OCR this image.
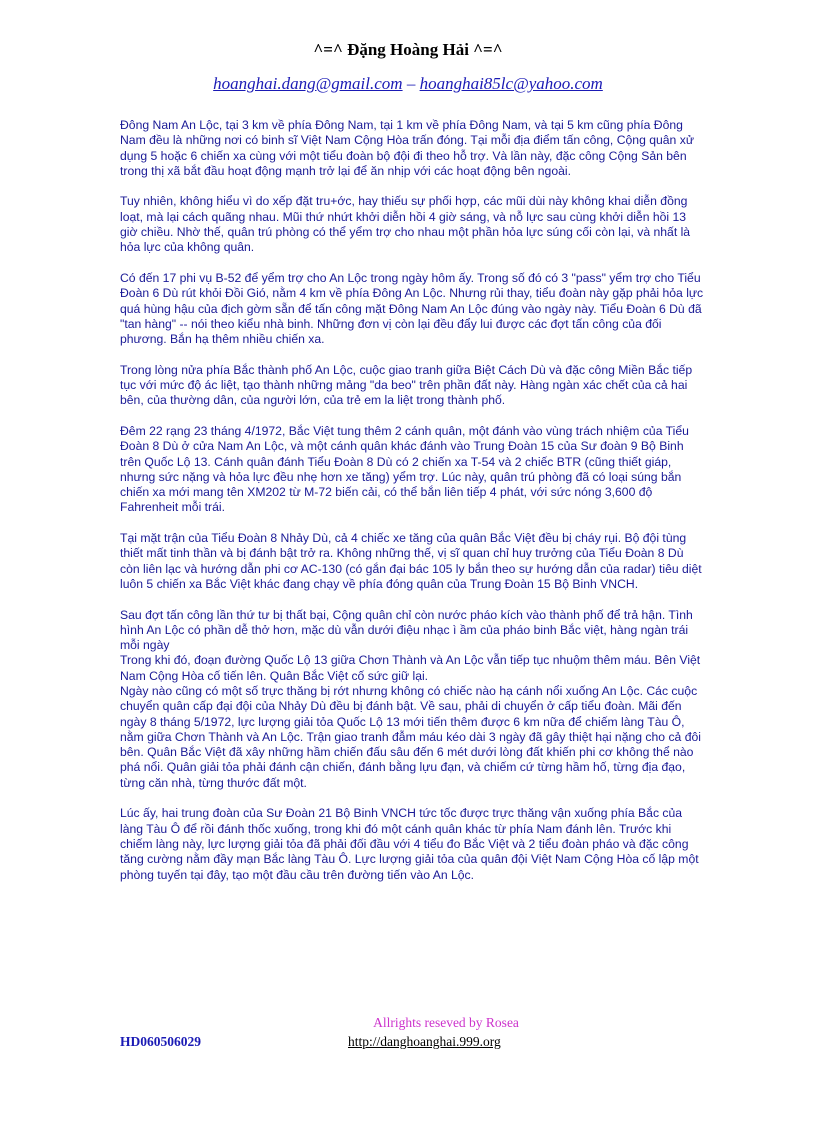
^=^ Đặng Hoàng Hải ^=^
hoanghai.dang@gmail.com – hoanghai85lc@yahoo.com

Đông Nam An Lộc, tại 3 km về phía Đông Nam, tại 1 km về phía Đông Nam, và tại 5 km cũng phía Đông Nam đều là những nơi có binh sĩ Việt Nam Cộng Hòa trấn đóng. Tại mỗi địa điểm tấn công, Cộng quân xử dụng 5 hoặc 6 chiến xa cùng với một tiểu đoàn bộ đội đi theo hỗ trợ. Và lần này, đặc công Cộng Sản bên trong thị xã bắt đầu hoạt động mạnh trở lại để ăn nhịp với các hoạt động bên ngoài.

Tuy nhiên, không hiểu vì do xếp đặt tru+ớc, hay thiếu sự phối hợp, các mũi dùi này không khai diễn đồng loạt, mà lại cách quãng nhau. Mũi thứ nhứt khởi diễn hồi 4 giờ sáng, và nỗ lực sau cùng khởi diễn hồi 13 giờ chiều. Nhờ thế, quân trú phòng có thể yểm trợ cho nhau một phần hỏa lực súng cối còn lại, và nhất là hỏa lực của không quân.

Có đến 17 phi vụ B-52 để yểm trợ cho An Lộc trong ngày hôm ấy. Trong số đó có 3 "pass" yểm trợ cho Tiểu Đoàn 6 Dù rút khỏi Đồi Gió, nằm 4 km về phía Đông An Lộc. Nhưng rủi thay, tiểu đoàn này gặp phải hỏa lực quá hùng hậu của địch gờm sẵn để tấn công mặt Đông Nam An Lộc đúng vào ngày này. Tiểu Đoàn 6 Dù đã "tan hàng" -- nói theo kiểu nhà binh. Những đơn vị còn lại đều đẩy lui được các đợt tấn công của đối phương. Bắn hạ thêm nhiều chiến xa.

Trong lòng nửa phía Bắc thành phố An Lộc, cuộc giao tranh giữa Biệt Cách Dù và đặc công Miền Bắc tiếp tục với mức độ ác liệt, tạo thành những mảng "da beo" trên phần đất này. Hàng ngàn xác chết của cả hai bên, của thường dân, của người lớn, của trẻ em la liệt trong thành phố.

Đêm 22 rạng 23 tháng 4/1972, Bắc Việt tung thêm 2 cánh quân, một đánh vào vùng trách nhiệm của Tiểu Đoàn 8 Dù ở cửa Nam An Lộc, và một cánh quân khác đánh vào Trung Đoàn 15 của Sư đoàn 9 Bộ Binh trên Quốc Lộ 13. Cánh quân đánh Tiểu Đoàn 8 Dù có 2 chiến xa T-54 và 2 chiếc BTR (cũng thiết giáp, nhưng sức nặng và hỏa lực đều nhẹ hơn xe tăng) yểm trợ. Lúc này, quân trú phòng đã có loại súng bắn chiến xa mới mang tên XM202 từ M-72 biến cải, có thể bắn liên tiếp 4 phát, với sức nóng 3,600 độ Fahrenheit mỗi trái.

Tại mặt trận của Tiểu Đoàn 8 Nhảy Dù, cả 4 chiếc xe tăng của quân Bắc Việt đều bị cháy rụi. Bộ đội tùng thiết mất tinh thần và bị đánh bật trở ra. Không những thế, vị sĩ quan chỉ huy trưởng của Tiểu Đoàn 8 Dù còn liên lạc và hướng dẫn phi cơ AC-130 (có gắn đại bác 105 ly bắn theo sự hướng dẫn của radar) tiêu diệt luôn 5 chiến xa Bắc Việt khác đang chạy về phía đóng quân của Trung Đoàn 15 Bộ Binh VNCH.

Sau đợt tấn công lần thứ tư bị thất bại, Cộng quân chỉ còn nước pháo kích vào thành phố để trả hận. Tình hình An Lộc có phần dễ thở hơn, mặc dù vẫn dưới điệu nhạc ì ầm của pháo binh Bắc việt, hàng ngàn trái mỗi ngày

Trong khi đó, đoạn đường Quốc Lộ 13 giữa Chơn Thành và An Lộc vẫn tiếp tục nhuộm thêm máu. Bên Việt Nam Cộng Hòa cố tiến lên. Quân Bắc Việt cố sức giữ lại.

Ngày nào cũng có một số trực thăng bị rớt nhưng không có chiếc nào hạ cánh nổi xuống An Lộc. Các cuộc chuyển quân cấp đại đội của Nhảy Dù đều bị đánh bật. Về sau, phải di chuyển ở cấp tiểu đoàn. Mãi đến ngày 8 tháng 5/1972, lực lượng giải tỏa Quốc Lộ 13 mới tiến thêm được 6 km nữa để chiếm làng Tàu Ô, nằm giữa Chơn Thành và An Lộc. Trận giao tranh đẫm máu kéo dài 3 ngày đã gây thiệt hại nặng cho cả đôi bên. Quân Bắc Việt đã xây những hầm chiến đấu sâu đến 6 mét dưới lòng đất khiến phi cơ không thể nào phá nổi. Quân giải tỏa phải đánh cận chiến, đánh bằng lựu đạn, và chiếm cứ từng hầm hố, từng địa đạo, từng căn nhà, từng thước đất một.

Lúc ấy, hai trung đoàn của Sư Đoàn 21 Bộ Binh VNCH tức tốc được trực thăng vận xuống phía Bắc của làng Tàu Ô để rồi đánh thốc xuống, trong khi đó một cánh quân khác từ phía Nam đánh lên. Trước khi chiếm làng này, lực lượng giải tỏa đã phải đối đầu với 4 tiểu đo Bắc Việt và 2 tiểu đoàn pháo và đặc công tăng cường nằm đầy mạn Bắc làng Tàu Ô. Lực lượng giải tỏa của quân đội Việt Nam Cộng Hòa cố lập một phòng tuyến tại đây, tạo một đầu cầu trên đường tiến vào An Lộc.

Allrights reseved by Rosea
HD060506029	http://danghoanghai.999.org
